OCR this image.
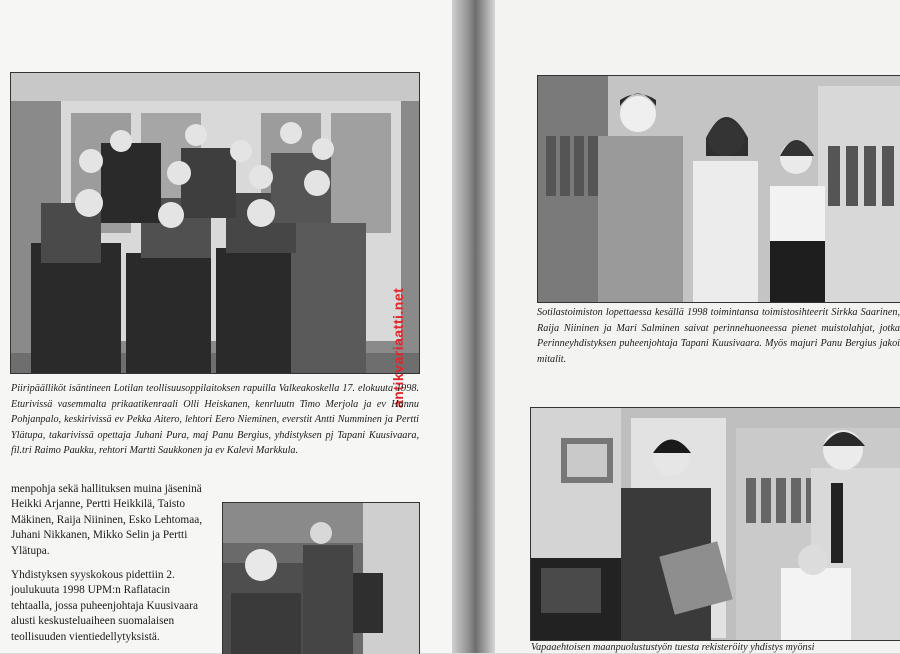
antikvariaatti.net

Piiripäälliköt isäntineen Lotilan teollisuusoppilaitoksen rapuilla Valkeakoskella 17. elokuuta 1998. Eturivissä vasemmalta prikaatikenraali Olli Heiskanen, kenrluutn Timo Merjola ja ev Hannu Pohjanpalo, keskirivissä ev Pekka Aitero, lehtori Eero Nieminen, everstit Antti Numminen ja Pertti Ylätupa, takarivissä opettaja Juhani Pura, maj Panu Bergius, yhdistyksen pj Tapani Kuusivaara, fil.tri Raimo Paukku, rehtori Martti Saukkonen ja ev Kalevi Markkula.

menpohja sekä hallituksen muina jäseninä Heikki Arjanne, Pertti Heikkilä, Taisto Mäkinen, Raija Niininen, Esko Lehtomaa, Juhani Nikkanen, Mikko Selin ja Pertti Ylätupa.

Yhdistyksen syyskokous pidettiin 2. joulukuuta 1998 UPM:n Raflatacin tehtaalla, jossa puheenjohtaja Kuusivaara alusti keskusteluaiheen suomalaisen teollisuuden vientiedellytyksistä.

Sotilastoimiston lopettaessa kesällä 1998 toimintansa toimistosihteerit Sirkka Saarinen, Raija Niininen ja Mari Salminen saivat perinnehuoneessa pienet muistolahjat, jotka Perinneyhdistyksen puheenjohtaja Tapani Kuusivaara. Myös majuri Panu Bergius jakoi mitalit.

Vapaaehtoisen maanpuolustustyön tuesta rekisteröity yhdistys myönsi
